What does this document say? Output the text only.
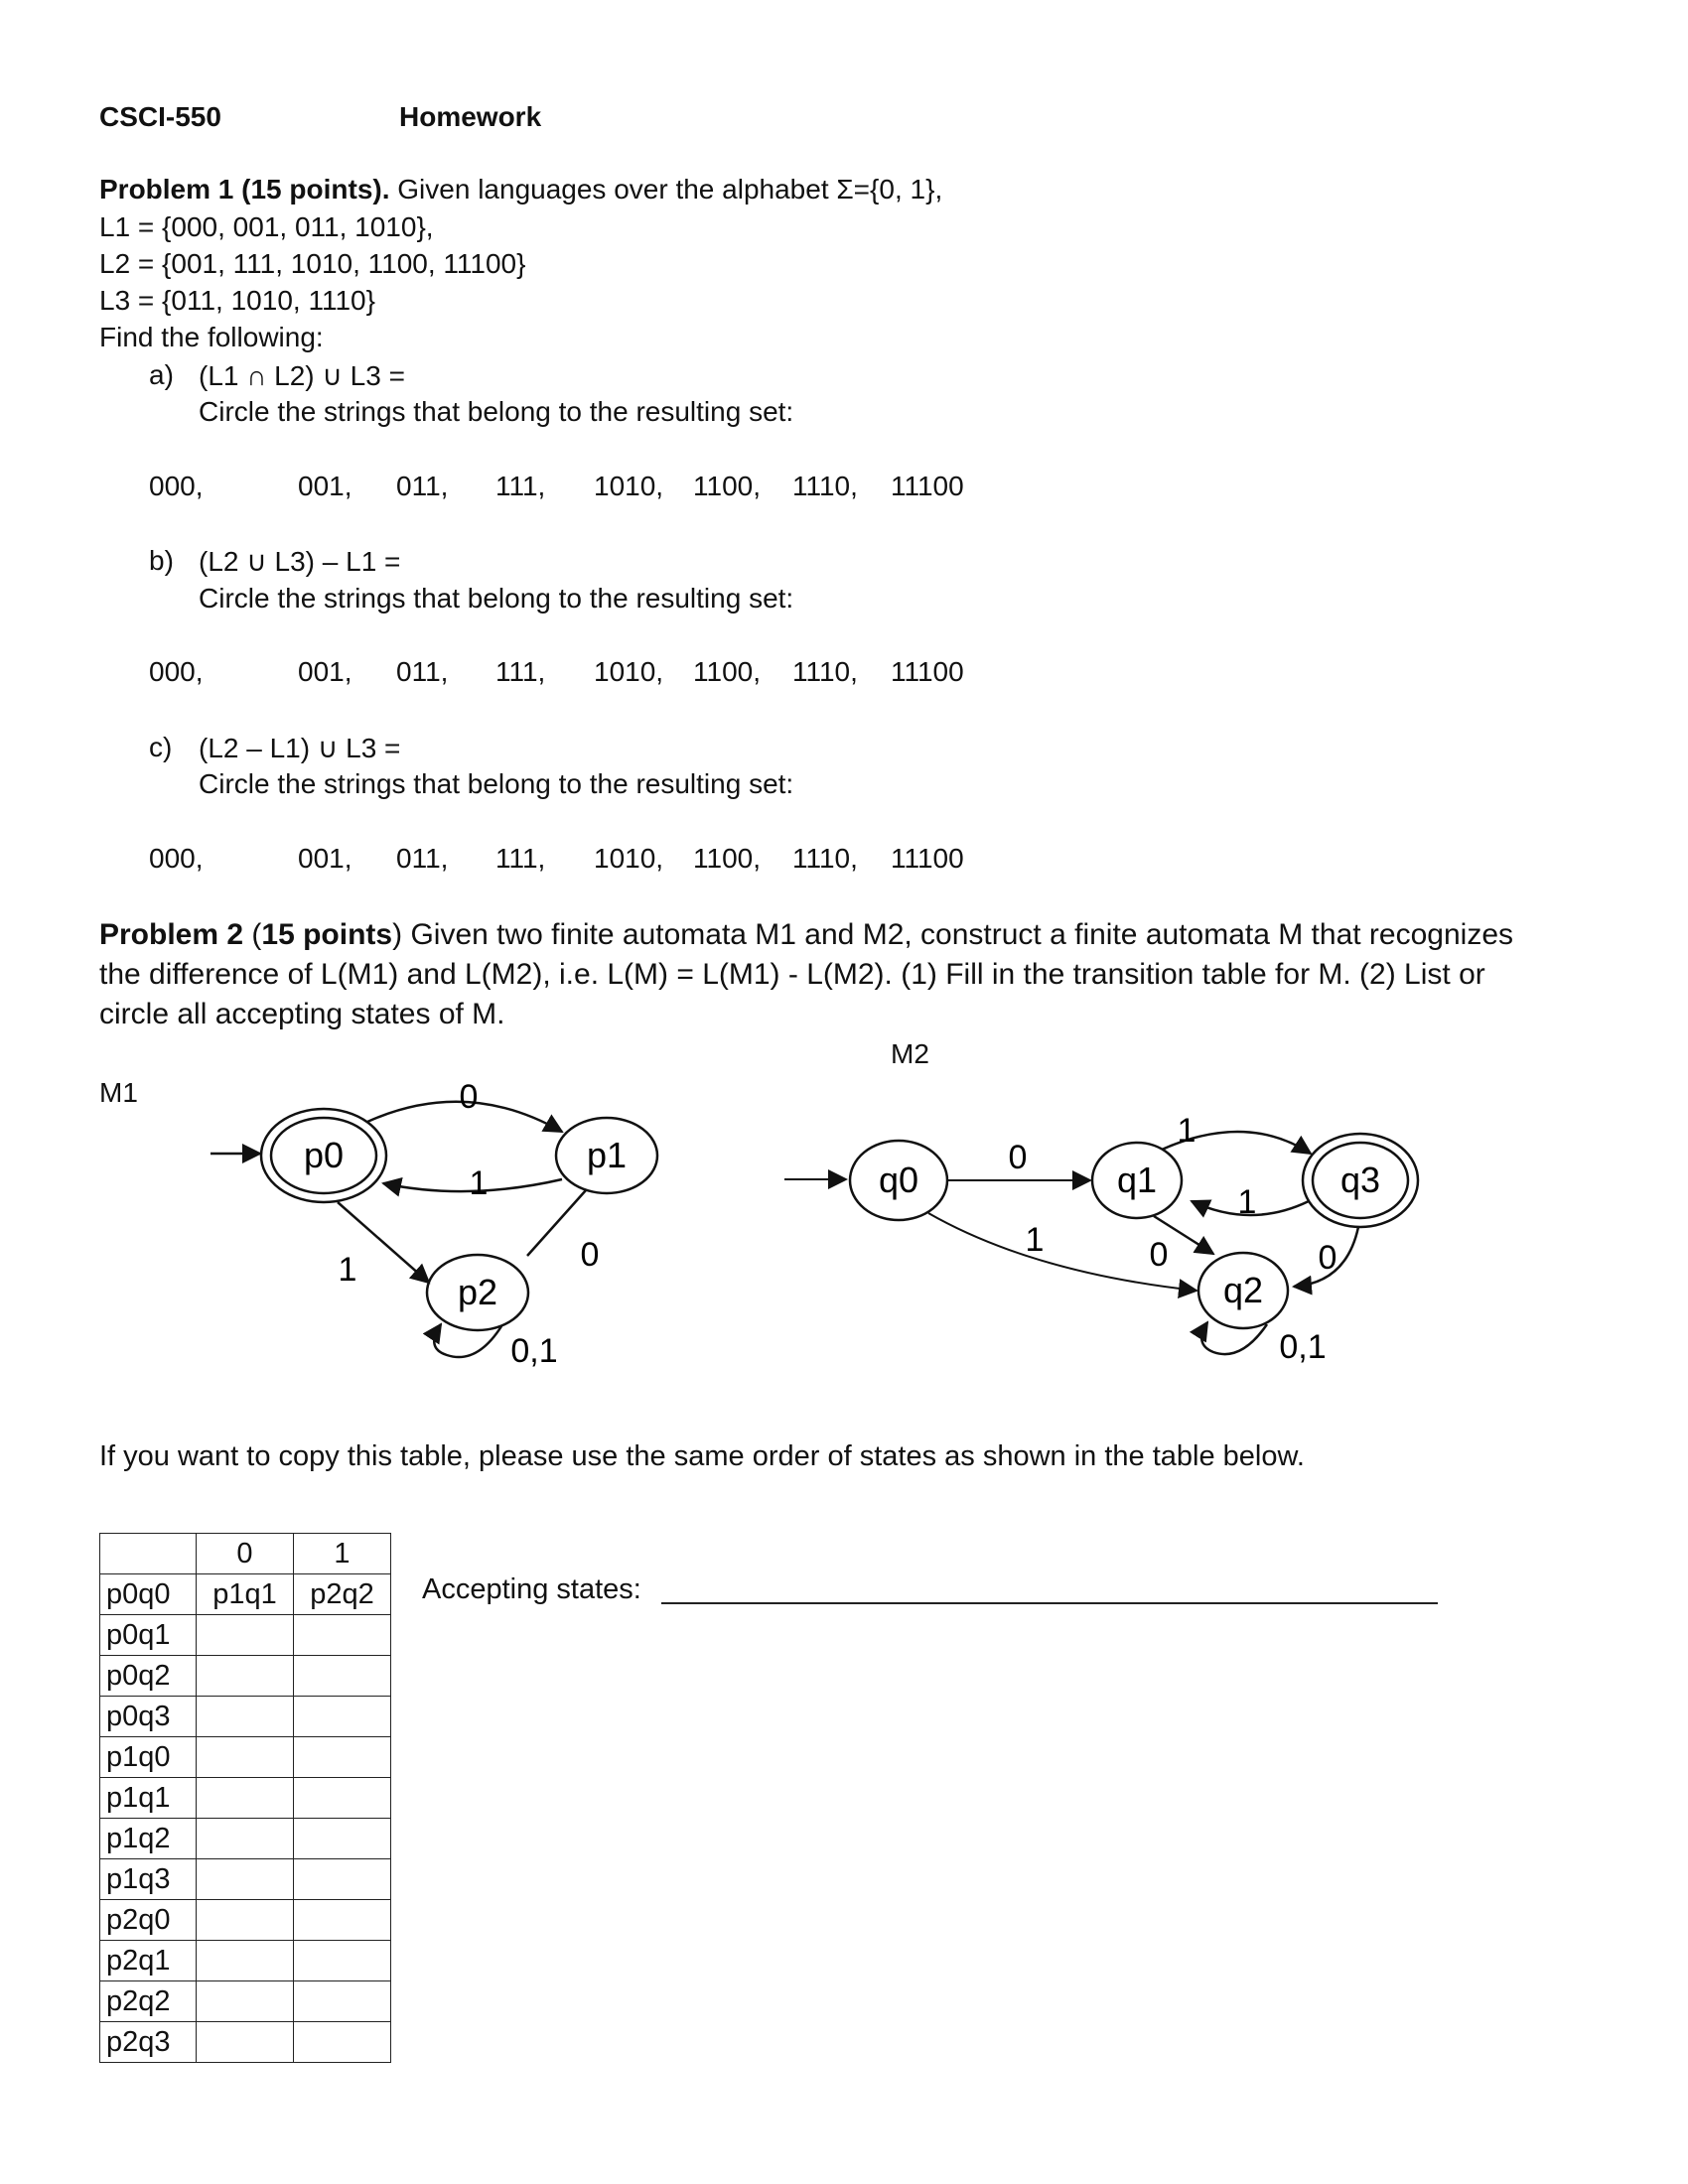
CSCI-550	Homework
Problem 1 (15 points). Given languages over the alphabet Σ={0, 1},
L1 = {000, 001, 011, 1010},
L2 = {001, 111, 1010, 1100, 11100}
L3 = {011, 1010, 1110}
Find the following:
a) (L1 ∩ L2) ∪ L3 =
Circle the strings that belong to the resulting set:
000,	001, 011, 111, 1010, 1100, 1110, 11100
b) (L2 ∪ L3) – L1 =
Circle the strings that belong to the resulting set:
000,	001, 011, 111, 1010, 1100, 1110, 11100
c) (L2 – L1) ∪ L3 =
Circle the strings that belong to the resulting set:
000,	001, 011, 111, 1010, 1100, 1110, 11100
Problem 2 (15 points) Given two finite automata M1 and M2, construct a finite automata M that recognizes
the difference of L(M1) and L(M2), i.e. L(M) = L(M1) - L(M2). (1) Fill in the transition table for M. (2) List or
circle all accepting states of M.
M1
M2
p0	p1
p2
0
1
1	0
0,1
q0	q1
q2
q3
0
1
1
1
0	0
0,1
If you want to copy this table, please use the same order of states as shown in the table below.
	0	1
p0q0	p1q1	p2q2
p0q1		
p0q2		
p0q3		
p1q0		
p1q1		
p1q2		
p1q3		
p2q0		
p2q1		
p2q2		
p2q3		
Accepting states:
